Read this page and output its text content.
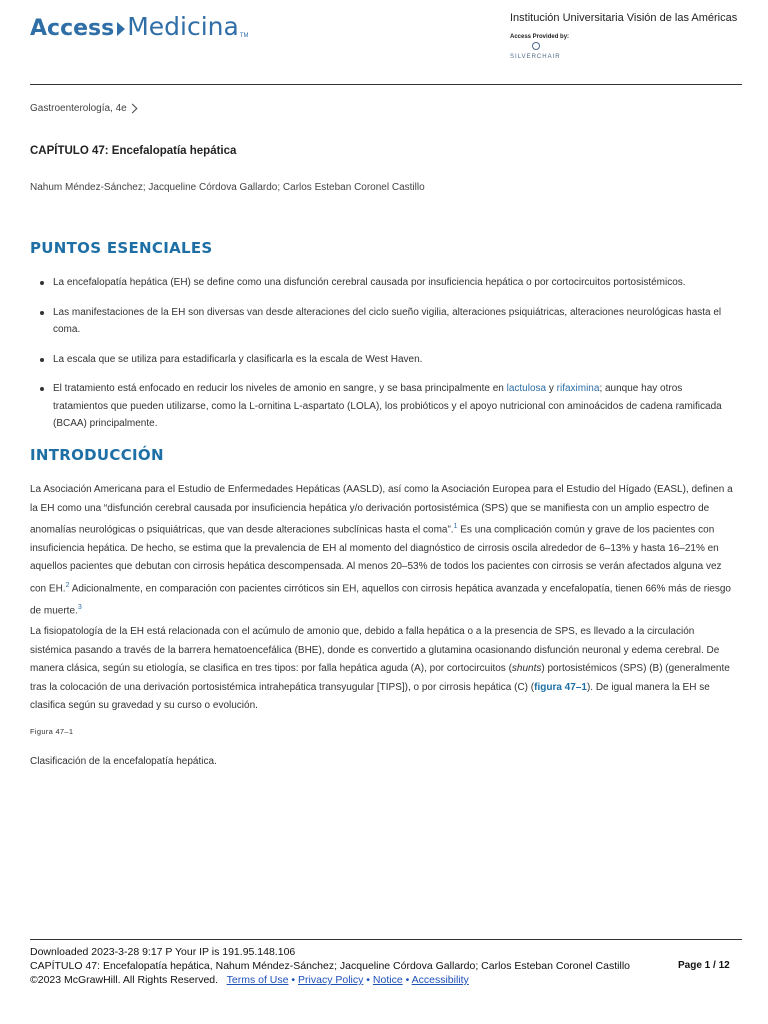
Access Medicina TM
Institución Universitaria Visión de las Américas
Access Provided by:
SILVERCHAIR
Gastroenterología, 4e
CAPÍTULO 47: Encefalopatía hepática
Nahum Méndez-Sánchez; Jacqueline Córdova Gallardo; Carlos Esteban Coronel Castillo
PUNTOS ESENCIALES
La encefalopatía hepática (EH) se define como una disfunción cerebral causada por insuficiencia hepática o por cortocircuitos portosistémicos.
Las manifestaciones de la EH son diversas van desde alteraciones del ciclo sueño vigilia, alteraciones psiquiátricas, alteraciones neurológicas hasta el coma.
La escala que se utiliza para estadificarla y clasificarla es la escala de West Haven.
El tratamiento está enfocado en reducir los niveles de amonio en sangre, y se basa principalmente en lactulosa y rifaximina; aunque hay otros tratamientos que pueden utilizarse, como la L-ornitina L-aspartato (LOLA), los probióticos y el apoyo nutricional con aminoácidos de cadena ramificada (BCAA) principalmente.
INTRODUCCIÓN

La Asociación Americana para el Estudio de Enfermedades Hepáticas (AASLD), así como la Asociación Europea para el Estudio del Hígado (EASL), definen a la EH como una “disfunción cerebral causada por insuficiencia hepática y/o derivación portosistémica (SPS) que se manifiesta con un amplio espectro de anomalías neurológicas o psiquiátricas, que van desde alteraciones subclínicas hasta el coma”.$^1$ Es una complicación común y grave de los pacientes con insuficiencia hepática. De hecho, se estima que la prevalencia de EH al momento del diagnóstico de cirrosis oscila alrededor de 6–13% y hasta 16–21% en aquellos pacientes que debutan con cirrosis hepática descompensada. Al menos 20–53% de todos los pacientes con cirrosis se verán afectados alguna vez con EH.$^2$ Adicionalmente, en comparación con pacientes cirróticos sin EH, aquellos con cirrosis hepática avanzada y encefalopatía, tienen 66% más de riesgo de muerte.$^3$

La fisiopatología de la EH está relacionada con el acúmulo de amonio que, debido a falla hepática o a la presencia de SPS, es llevado a la circulación sistémica pasando a través de la barrera hematoencefálica (BHE), donde es convertido a glutamina ocasionando disfunción neuronal y edema cerebral. De manera clásica, según su etiología, se clasifica en tres tipos: por falla hepática aguda (A), por cortocircuitos (shunts) portosistémicos (SPS) (B) (generalmente tras la colocación de una derivación portosistémica intrahepática transyugular [TIPS]), o por cirrosis hepática (C) (figura 47–1). De igual manera la EH se clasifica según su gravedad y su curso o evolución.

Figura 47–1
Clasificación de la encefalopatía hepática.
Downloaded 2023-3-28 9:17 P Your IP is 191.95.148.106
CAPÍTULO 47: Encefalopatía hepática, Nahum Méndez-Sánchez; Jacqueline Córdova Gallardo; Carlos Esteban Coronel Castillo
©2023 McGrawHill. All Rights Reserved. Terms of Use • Privacy Policy • Notice • Accessibility
Page 1 / 12
